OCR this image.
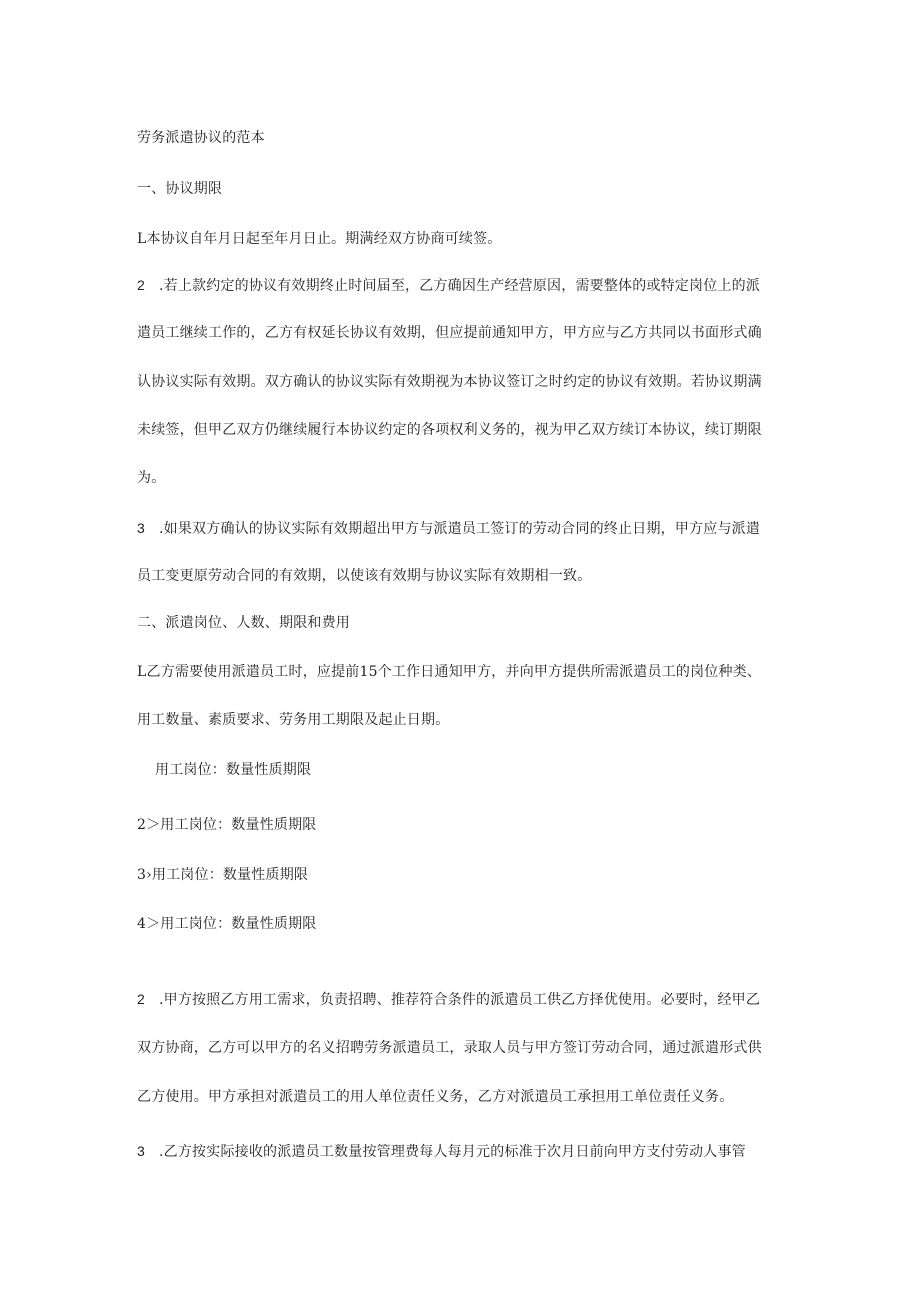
劳务派遣协议的范本
一、协议期限
L本协议自年月日起至年月日止。期满经双方协商可续签。
2 .若上款约定的协议有效期终止时间届至，乙方确因生产经营原因，需要整体的或特定岗位上的派
遣员工继续工作的，乙方有权延长协议有效期，但应提前通知甲方，甲方应与乙方共同以书面形式确
认协议实际有效期。双方确认的协议实际有效期视为本协议签订之时约定的协议有效期。若协议期满
未续签，但甲乙双方仍继续履行本协议约定的各项权利义务的，视为甲乙双方续订本协议，续订期限
为。
3 .如果双方确认的协议实际有效期超出甲方与派遣员工签订的劳动合同的终止日期，甲方应与派遣
员工变更原劳动合同的有效期，以使该有效期与协议实际有效期相一致。
二、派遣岗位、人数、期限和费用
L乙方需要使用派遣员工时，应提前15个工作日通知甲方，并向甲方提供所需派遣员工的岗位种类、
用工数量、素质要求、劳务用工期限及起止日期。
用工岗位：数量性质期限
2＞用工岗位：数量性质期限
3›用工岗位：数量性质期限
4＞用工岗位：数量性质期限
2 .甲方按照乙方用工需求，负责招聘、推荐符合条件的派遣员工供乙方择优使用。必要时，经甲乙
双方协商，乙方可以甲方的名义招聘劳务派遣员工，录取人员与甲方签订劳动合同，通过派遣形式供
乙方使用。甲方承担对派遣员工的用人单位责任义务，乙方对派遣员工承担用工单位责任义务。
3 .乙方按实际接收的派遣员工数量按管理费每人每月元的标准于次月日前向甲方支付劳动人事管
